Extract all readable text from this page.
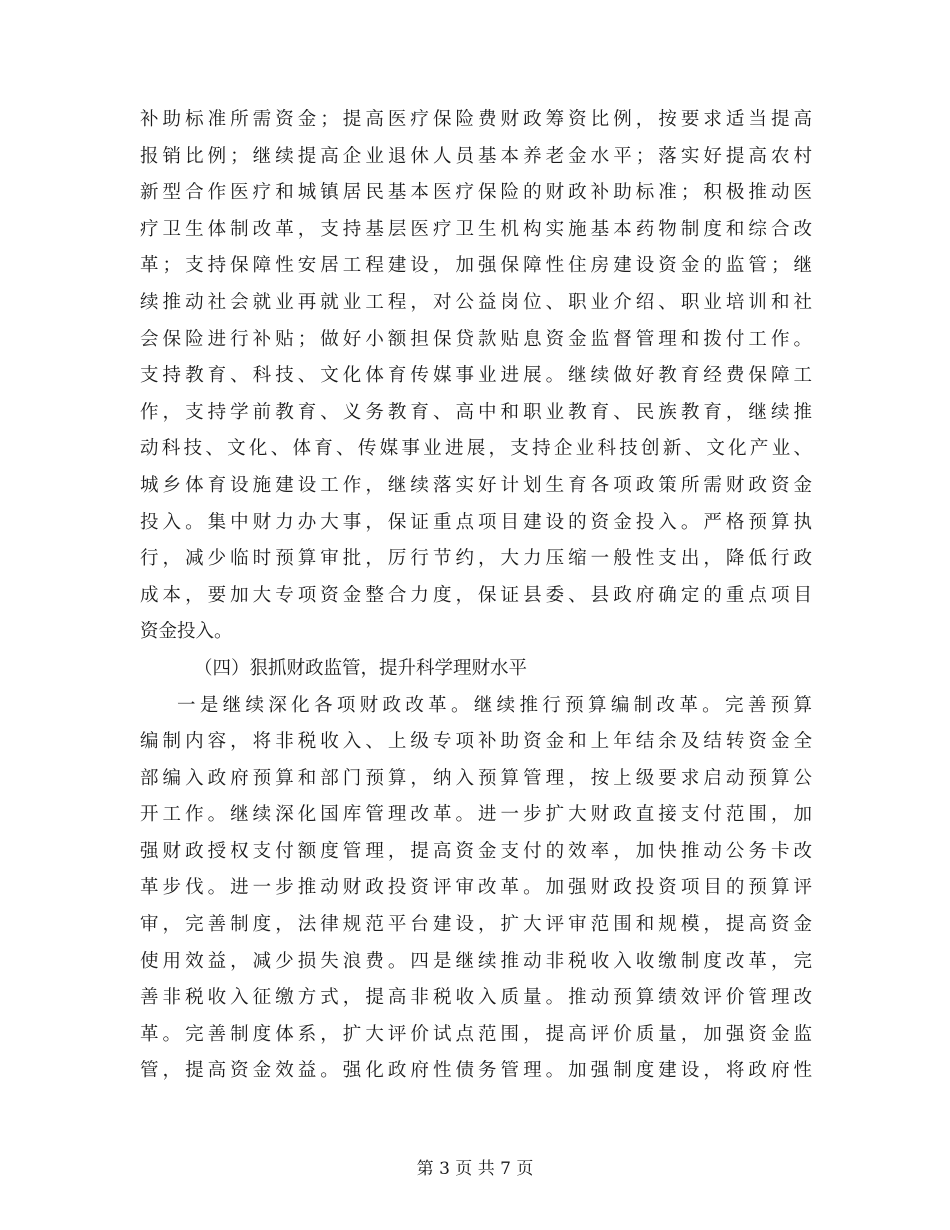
补助标准所需资金；提高医疗保险费财政筹资比例，按要求适当提高
报销比例；继续提高企业退休人员基本养老金水平；落实好提高农村
新型合作医疗和城镇居民基本医疗保险的财政补助标准；积极推动医
疗卫生体制改革，支持基层医疗卫生机构实施基本药物制度和综合改
革；支持保障性安居工程建设，加强保障性住房建设资金的监管；继
续推动社会就业再就业工程，对公益岗位、职业介绍、职业培训和社
会保险进行补贴；做好小额担保贷款贴息资金监督管理和拨付工作。
支持教育、科技、文化体育传媒事业进展。继续做好教育经费保障工
作，支持学前教育、义务教育、高中和职业教育、民族教育，继续推
动科技、文化、体育、传媒事业进展，支持企业科技创新、文化产业、
城乡体育设施建设工作，继续落实好计划生育各项政策所需财政资金
投入。集中财力办大事，保证重点项目建设的资金投入。严格预算执
行，减少临时预算审批，厉行节约，大力压缩一般性支出，降低行政
成本，要加大专项资金整合力度，保证县委、县政府确定的重点项目
资金投入。
（四）狠抓财政监管，提升科学理财水平
一是继续深化各项财政改革。继续推行预算编制改革。完善预算
编制内容，将非税收入、上级专项补助资金和上年结余及结转资金全
部编入政府预算和部门预算，纳入预算管理，按上级要求启动预算公
开工作。继续深化国库管理改革。进一步扩大财政直接支付范围，加
强财政授权支付额度管理，提高资金支付的效率，加快推动公务卡改
革步伐。进一步推动财政投资评审改革。加强财政投资项目的预算评
审，完善制度，法律规范平台建设，扩大评审范围和规模，提高资金
使用效益，减少损失浪费。四是继续推动非税收入收缴制度改革，完
善非税收入征缴方式，提高非税收入质量。推动预算绩效评价管理改
革。完善制度体系，扩大评价试点范围，提高评价质量，加强资金监
管，提高资金效益。强化政府性债务管理。加强制度建设，将政府性
第 3 页 共 7 页
